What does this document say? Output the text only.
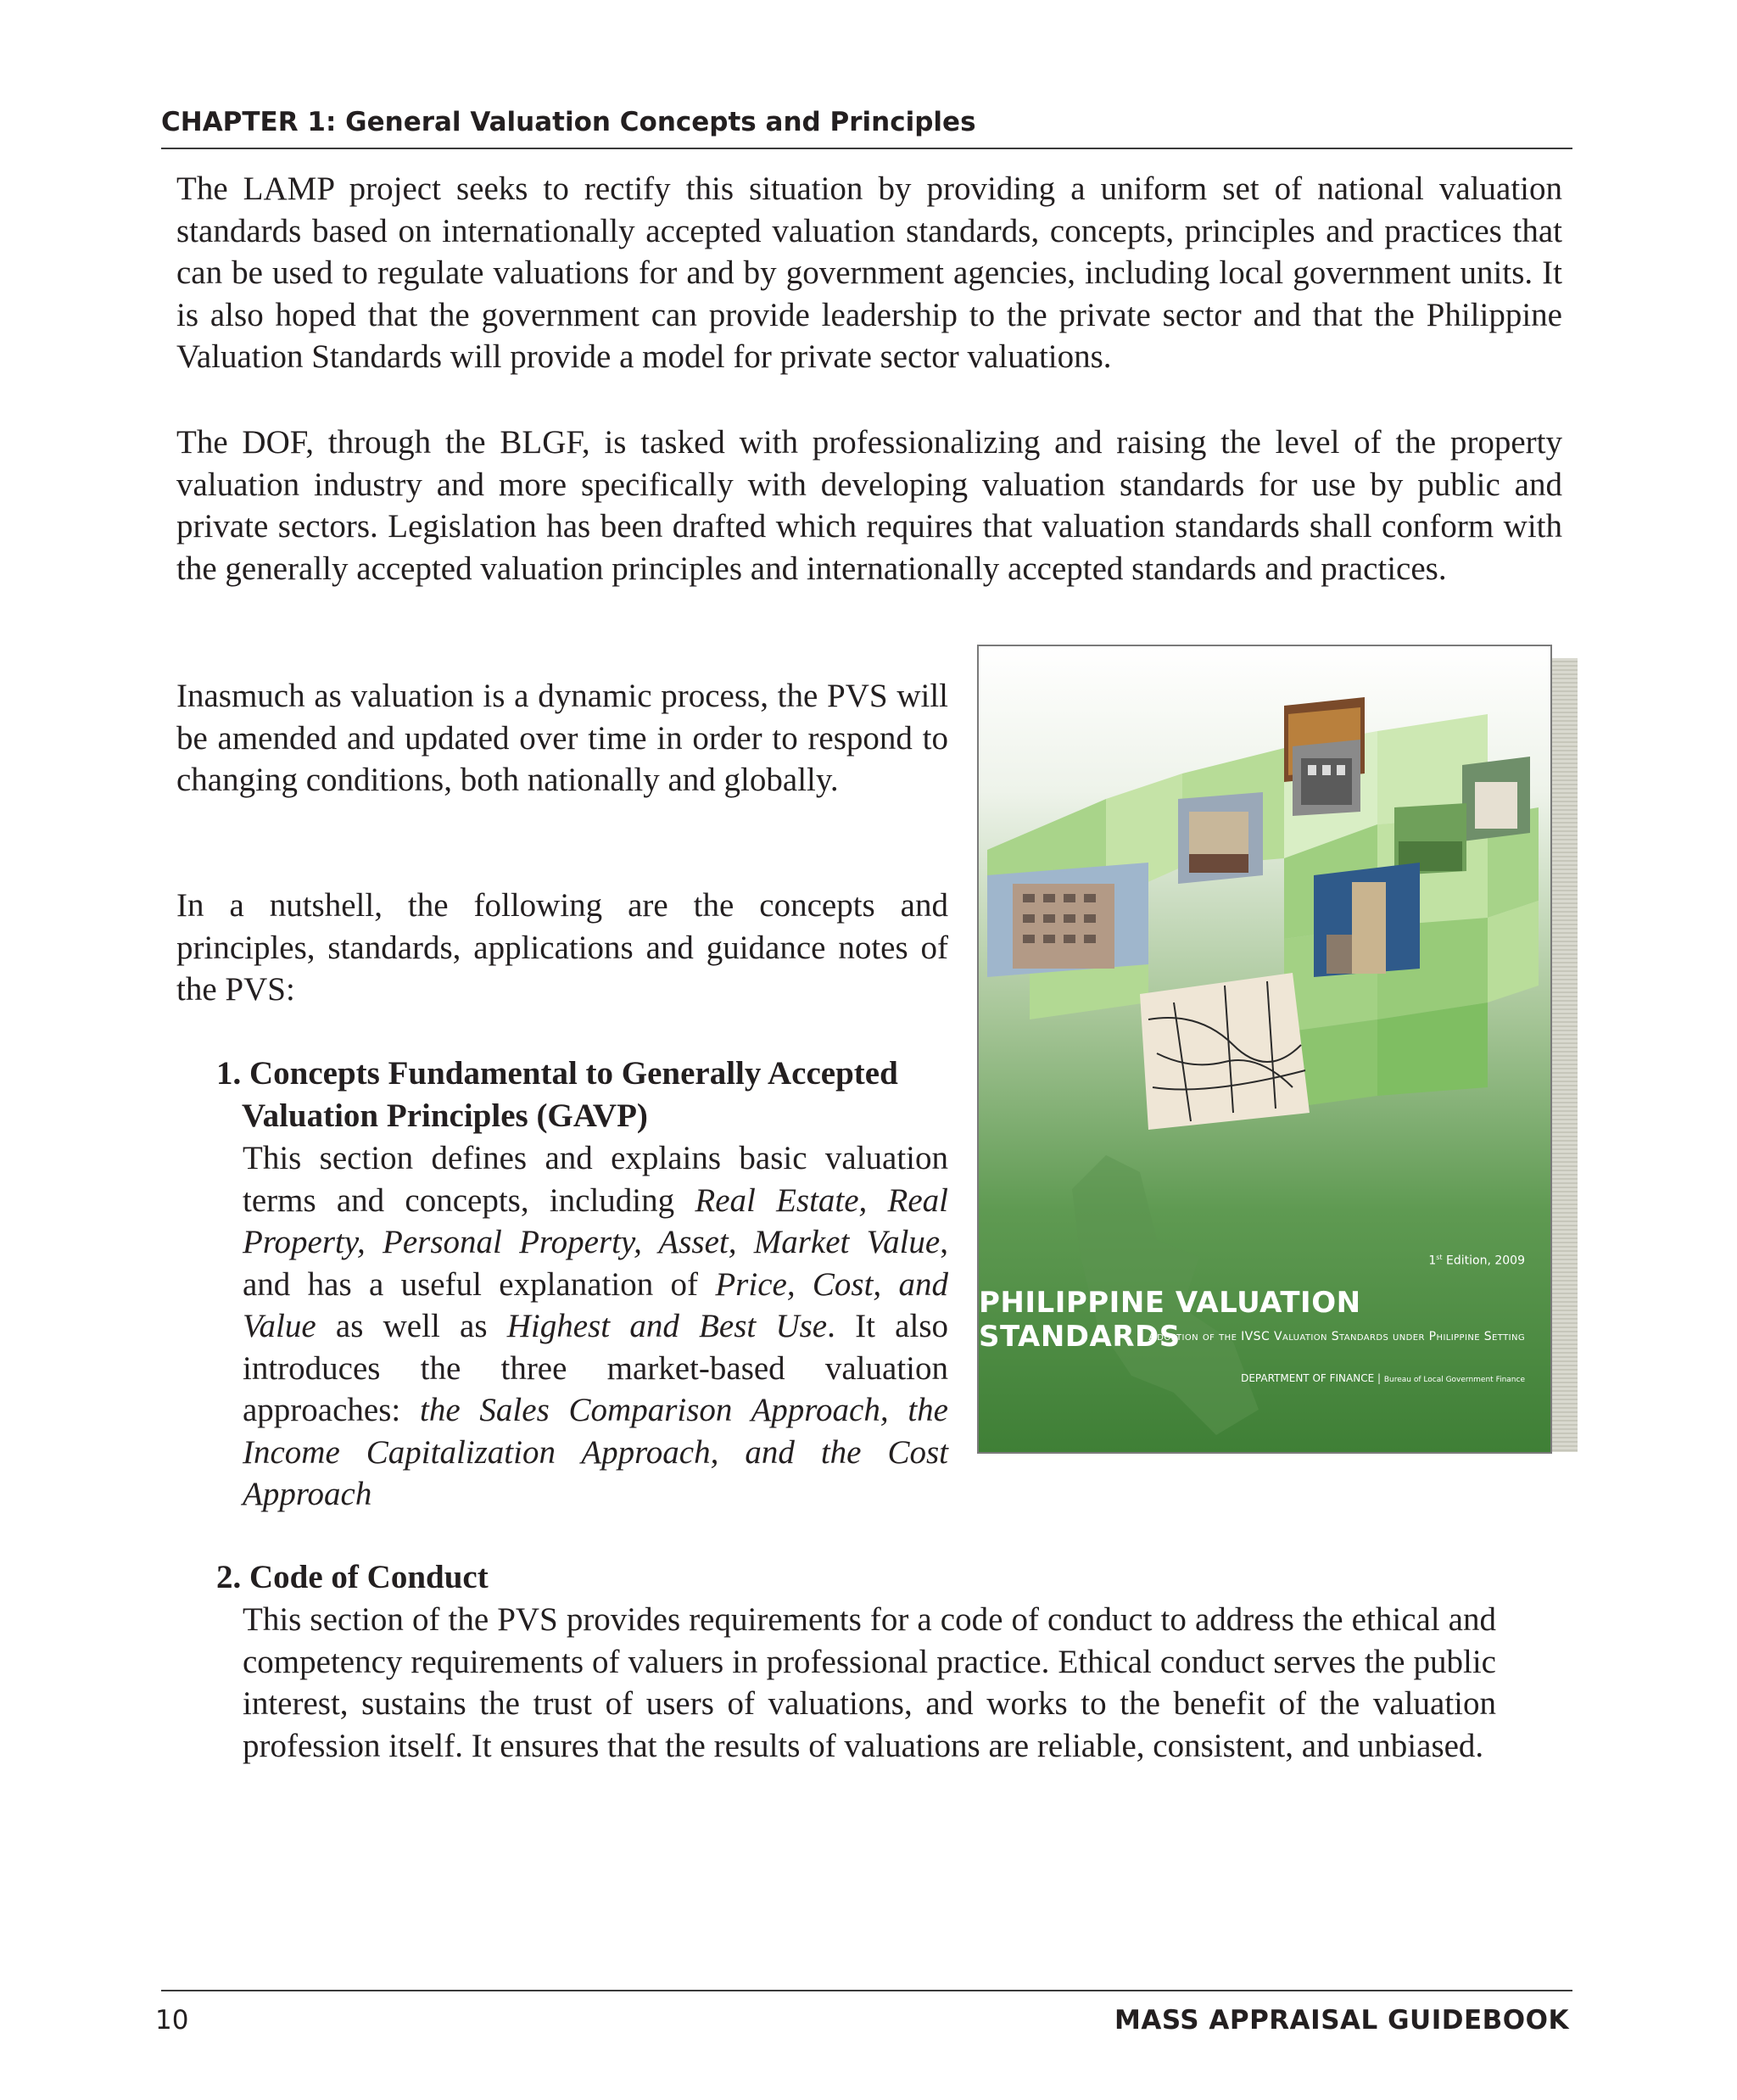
CHAPTER 1: General Valuation Concepts and Principles

The LAMP project seeks to rectify this situation by providing a uniform set of national valuation standards based on internationally accepted valuation standards, concepts, principles and practices that can be used to regulate valuations for and by government agencies, including local government units. It is also hoped that the government can provide leadership to the private sector and that the Philippine Valuation Standards will provide a model for private sector valuations.

The DOF, through the BLGF, is tasked with professionalizing and raising the level of the property valuation industry and more specifically with developing valuation standards for use by public and private sectors. Legislation has been drafted which requires that valuation standards shall conform with the generally accepted valuation principles and internationally accepted standards and practices.

Inasmuch as valuation is a dynamic process, the PVS will be amended and updated over time in order to respond to changing conditions, both nationally and globally.

In a nutshell, the following are the concepts and principles, standards, applications and guidance notes of the PVS:

1. Concepts Fundamental to Generally Accepted
Valuation Principles (GAVP)

This section defines and explains basic valuation terms and concepts, including Real Estate, Real Property, Personal Property, Asset, Market Value, and has a useful explanation of Price, Cost, and Value as well as Highest and Best Use. It also introduces the three market-based valuation approaches: the Sales Comparison Approach, the Income Capitalization Approach, and the Cost Approach

2. Code of Conduct

This section of the PVS provides requirements for a code of conduct to address the ethical and competency requirements of valuers in professional practice. Ethical conduct serves the public interest, sustains the trust of users of valuations, and works to the benefit of the valuation profession itself. It ensures that the results of valuations are reliable, consistent, and unbiased.

1st Edition, 2009
PHILIPPINE VALUATION STANDARDS
Adoption of the IVSC Valuation Standards under Philippine Setting
DEPARTMENT OF FINANCE | Bureau of Local Government Finance
10	MASS APPRAISAL GUIDEBOOK
